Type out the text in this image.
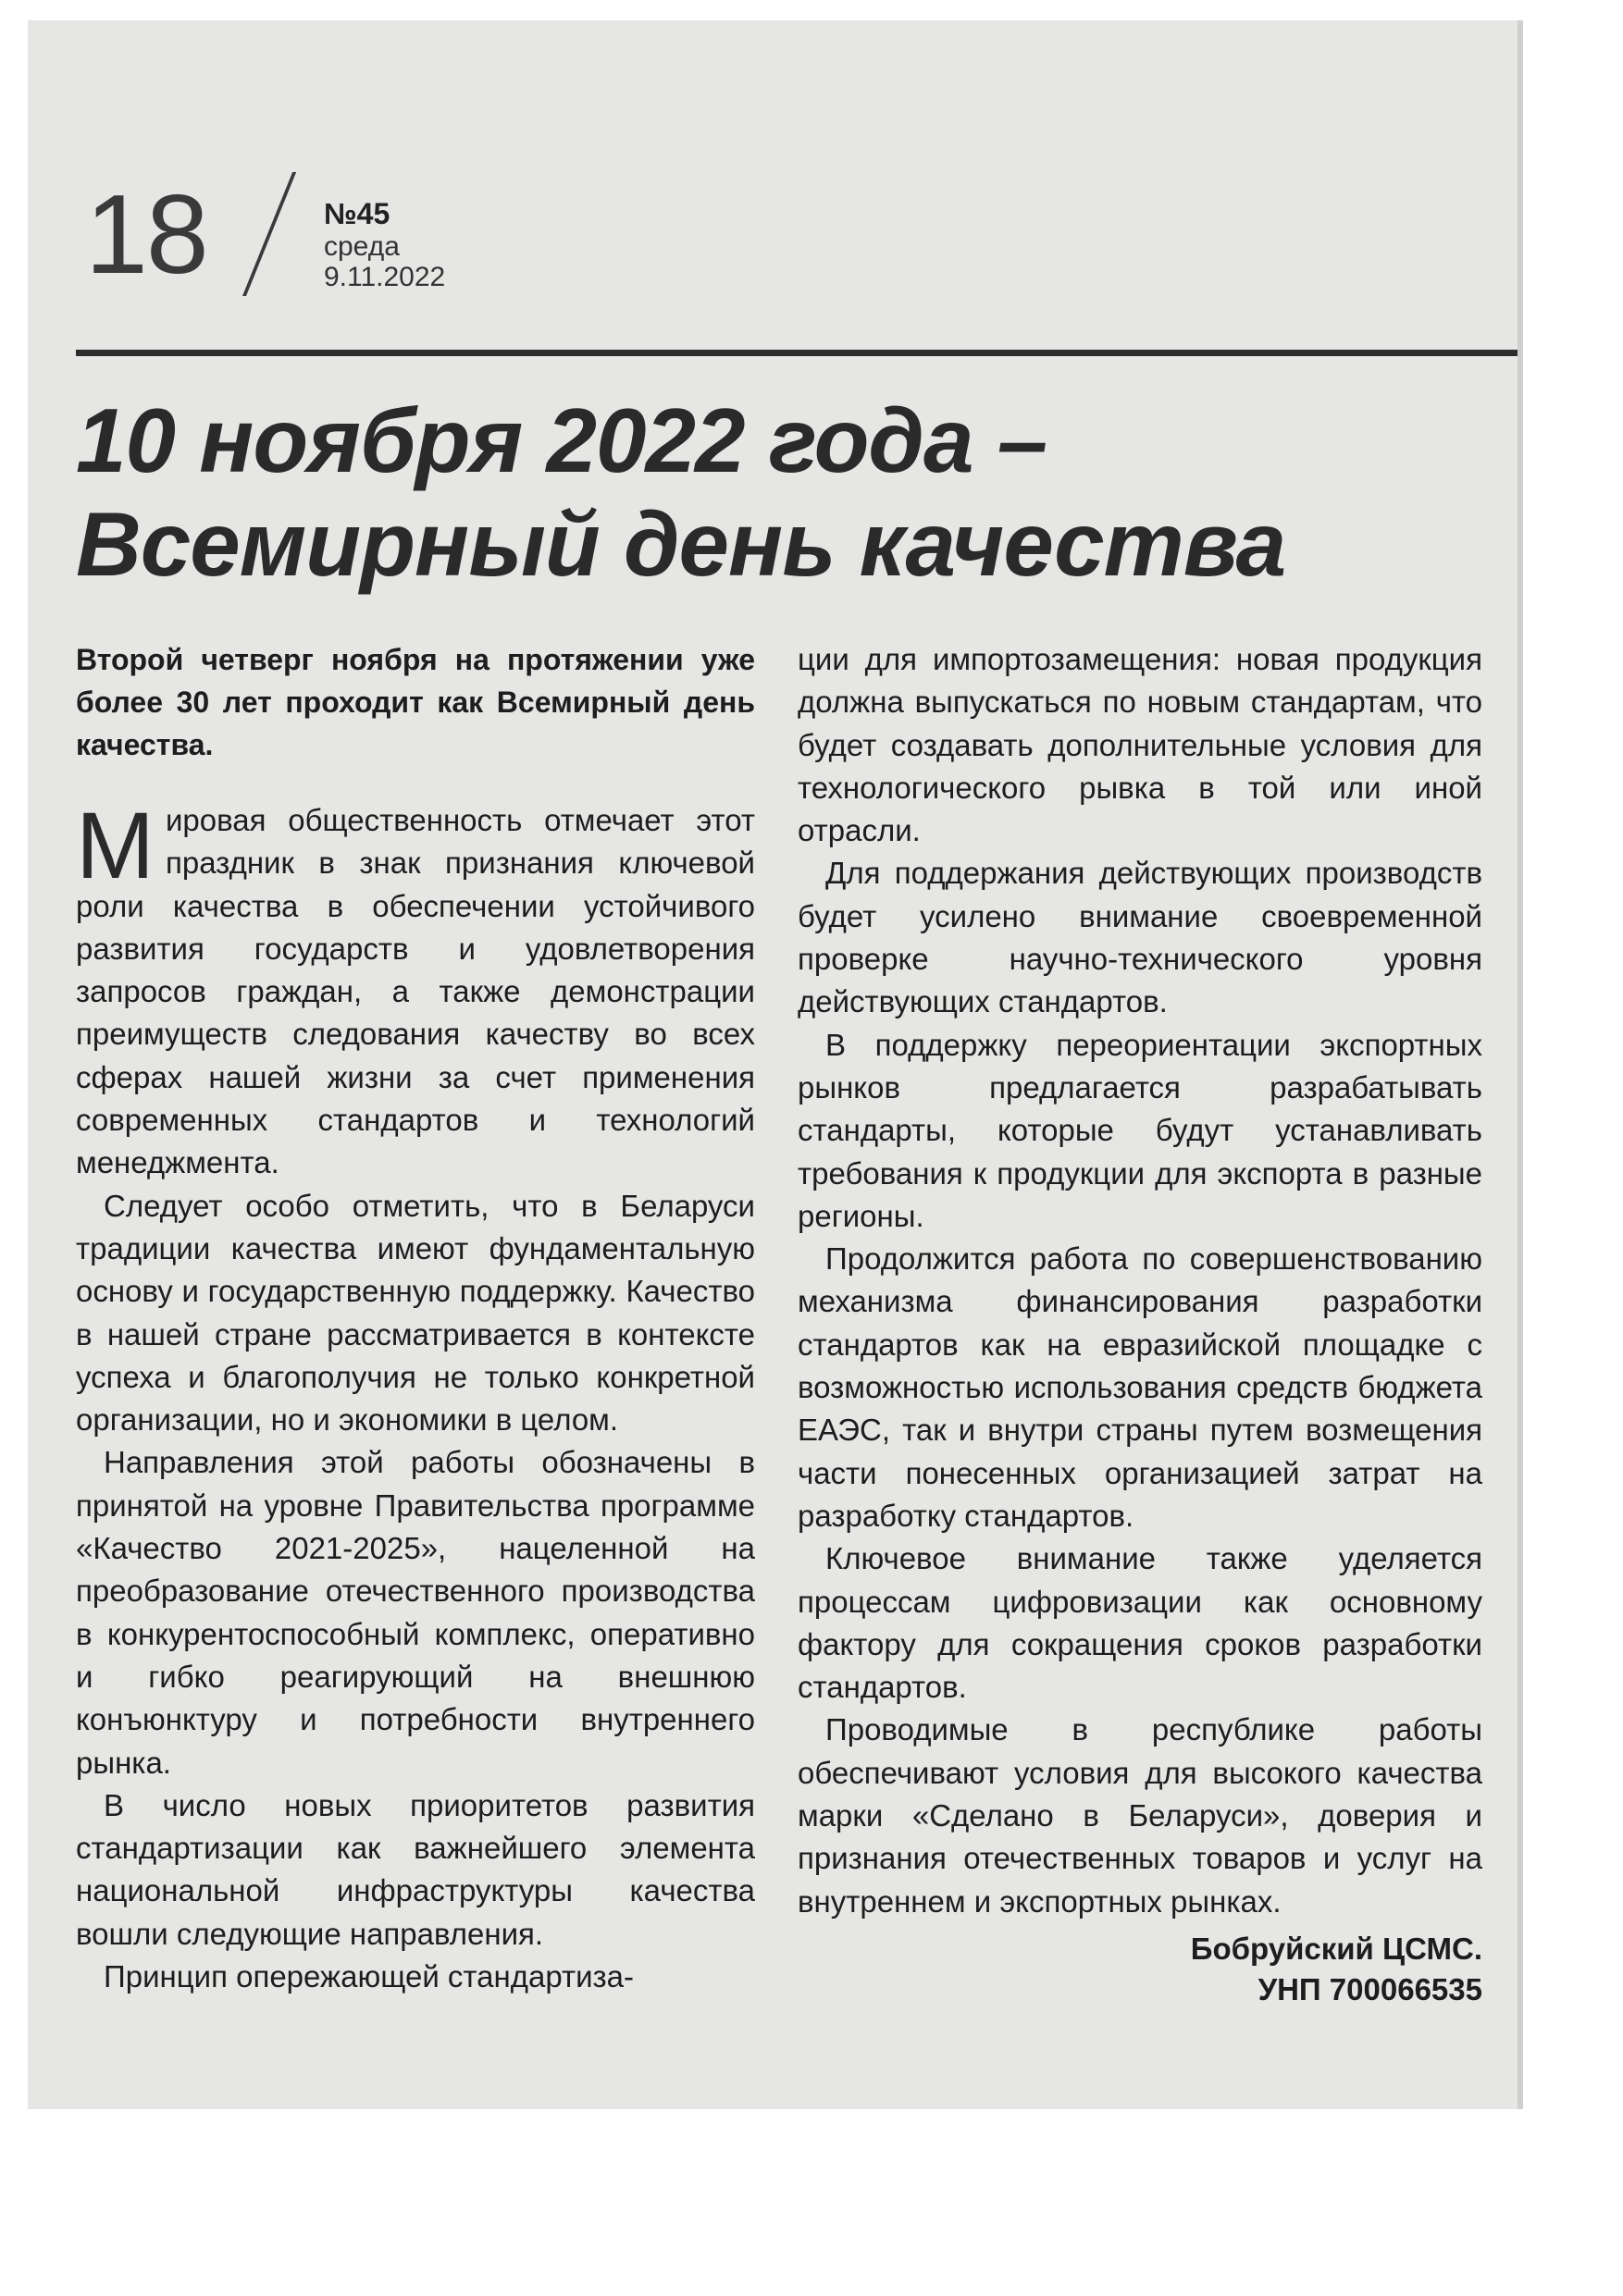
18	№45
среда
9.11.2022
10 ноября 2022 года –
Всемирный день качества

Второй четверг ноября на протяжении уже более 30 лет проходит как Всемирный день качества.

Мировая общественность отмечает этот праздник в знак признания ключевой роли качества в обеспечении устойчивого развития государств и удовлетворения запросов граждан, а также демонстрации преимуществ следования качеству во всех сферах нашей жизни за счет применения современных стандартов и технологий менеджмента.

Следует особо отметить, что в Беларуси традиции качества имеют фундаментальную основу и государственную поддержку. Качество в нашей стране рассматривается в контексте успеха и благополучия не только конкретной организации, но и экономики в целом.

Направления этой работы обозначены в принятой на уровне Правительства программе «Качество 2021-2025», нацеленной на преобразование отечественного производства в конкурентоспособный комплекс, оперативно и гибко реагирующий на внешнюю конъюнктуру и потребности внутреннего рынка.

В число новых приоритетов развития стандартизации как важнейшего элемента национальной инфраструктуры качества вошли следующие направления.

Принцип опережающей стандартиза-

ции для импортозамещения: новая продукция должна выпускаться по новым стандартам, что будет создавать дополнительные условия для технологического рывка в той или иной отрасли.

Для поддержания действующих производств будет усилено внимание своевременной проверке научно-технического уровня действующих стандартов.

В поддержку переориентации экспортных рынков предлагается разрабатывать стандарты, которые будут устанавливать требования к продукции для экспорта в разные регионы.

Продолжится работа по совершенствованию механизма финансирования разработки стандартов как на евразийской площадке с возможностью использования средств бюджета ЕАЭС, так и внутри страны путем возмещения части понесенных организацией затрат на разработку стандартов.

Ключевое внимание также уделяется процессам цифровизации как основному фактору для сокращения сроков разработки стандартов.

Проводимые в республике работы обеспечивают условия для высокого качества марки «Сделано в Беларуси», доверия и признания отечественных товаров и услуг на внутреннем и экспортных рынках.

Бобруйский ЦСМС.
УНП 700066535
